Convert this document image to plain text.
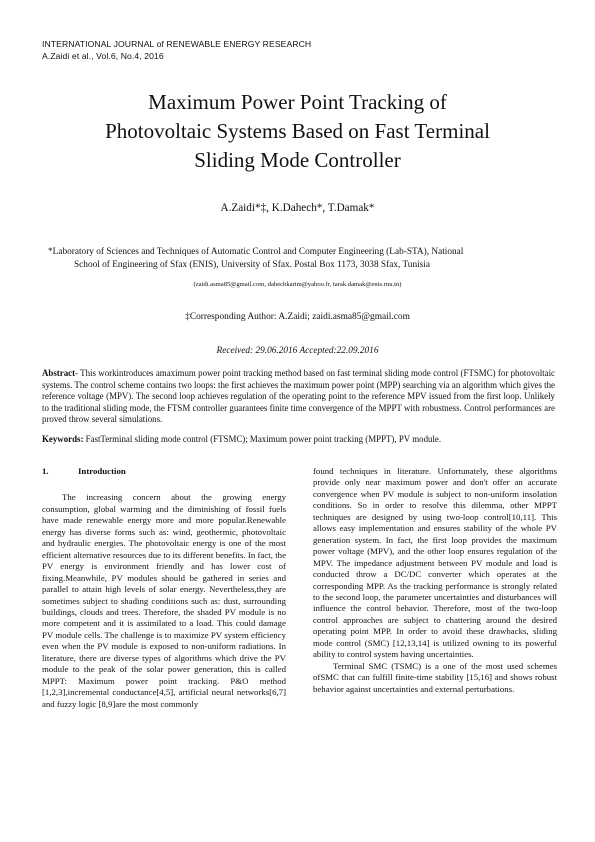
INTERNATIONAL JOURNAL of RENEWABLE ENERGY RESEARCH
A.Zaidi et al., Vol.6, No.4, 2016
Maximum Power Point Tracking of
Photovoltaic Systems Based on Fast Terminal
Sliding Mode Controller
A.Zaidi*‡, K.Dahech*, T.Damak*
*Laboratory of Sciences and Techniques of Automatic Control and Computer Engineering (Lab-STA), National
School of Engineering of Sfax (ENIS), University of Sfax. Postal Box 1173, 3038 Sfax, Tunisia
(zaidi.asma85@gmail.com, dahechkarim@yahoo.fr, tarak.damak@enis.rnu.tn)
‡Corresponding Author: A.Zaidi; zaidi.asma85@gmail.com
Received: 29.06.2016 Accepted:22.09.2016
Abstract- This workintroduces amaximum power point tracking method based on fast terminal sliding mode control (FTSMC) for photovoltaic systems. The control scheme contains two loops: the first achieves the maximum power point (MPP) searching via an algorithm which gives the reference voltage (MPV). The second loop achieves regulation of the operating point to the reference MPV issued from the first loop. Unlikely to the traditional sliding mode, the FTSM controller guarantees finite time convergence of the MPPT with robustness. Control performances are proved throw several simulations.
Keywords: FastTerminal sliding mode control (FTSMC); Maximum power point tracking (MPPT), PV module.
1.	Introduction

The increasing concern about the growing energy consumption, global warming and the diminishing of fossil fuels have made renewable energy more and more popular.Renewable energy has diverse forms such as: wind, geothermic, photovoltaic and hydraulic energies. The photovoltaic energy is one of the most efficient alternative resources due to its different benefits. In fact, the PV energy is environment friendly and has lower cost of fixing.Meanwhile, PV modules should be gathered in series and parallel to attain high levels of solar energy. Nevertheless,they are sometimes subject to shading conditions such as: dust, surrounding buildings, clouds and trees. Therefore, the shaded PV module is no more competent and it is assimilated to a load. This could damage PV module cells. The challenge is to maximize PV system efficiency even when the PV module is exposed to non-uniform radiations. In literature, there are diverse types of algorithms which drive the PV module to the peak of the solar power generation, this is called MPPT: Maximum power point tracking. P&O method [1,2,3],incremental conductance[4,5], artificial neural networks[6,7] and fuzzy logic [8,9]are the most commonly

found techniques in literature. Unfortunately, these algorithms provide only near maximum power and don't offer an accurate convergence when PV module is subject to non-uniform insolation conditions. So in order to resolve this dilemma, other MPPT techniques are designed by using two-loop control[10,11]. This allows easy implementation and ensures stability of the whole PV generation system. In fact, the first loop provides the maximum power voltage (MPV), and the other loop ensures regulation of the MPV. The impedance adjustment between PV module and load is conducted throw a DC/DC converter which operates at the corresponding MPP. As the tracking performance is strongly related to the second loop, the parameter uncertainties and disturbances will influence the control behavior. Therefore, most of the two-loop control approaches are subject to chattering around the desired operating point MPP. In order to avoid these drawbacks, sliding mode control (SMC) [12,13,14] is utilized owning to its powerful ability to control system having uncertainties.

Terminal SMC (TSMC) is a one of the most used schemes ofSMC that can fulfill finite-time stability [15,16] and shows robust behavior against uncertainties and external perturbations.
